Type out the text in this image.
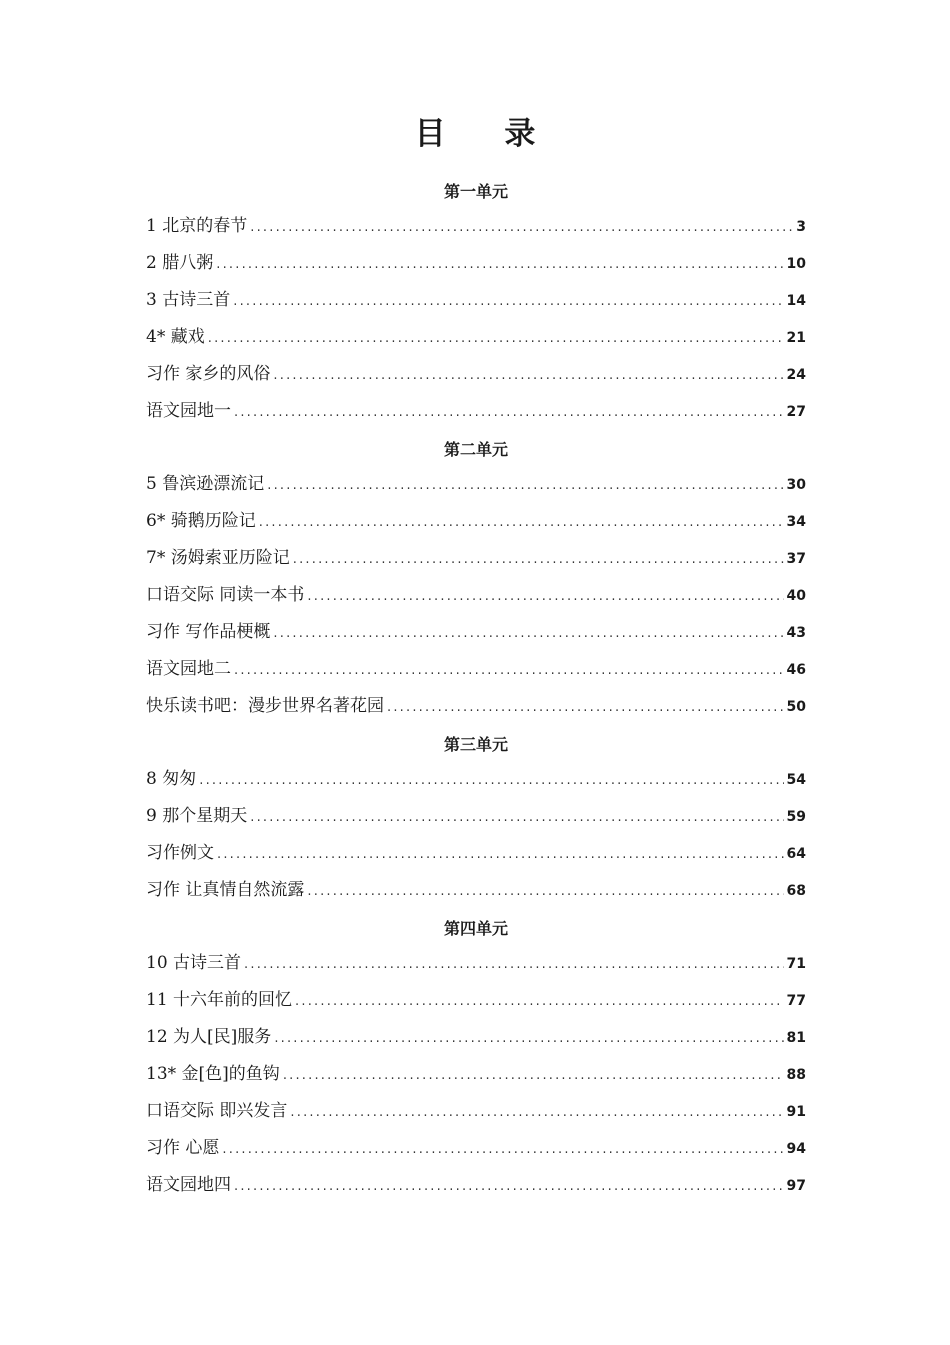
目 录
第一单元
1 北京的春节 .....	3
2 腊八粥 .....	10
3 古诗三首 .....	14
4* 藏戏 .....	21
习作 家乡的风俗 .....	24
语文园地一 .....	27
第二单元
5 鲁滨逊漂流记 .....	30
6* 骑鹅历险记 .....	34
7* 汤姆索亚历险记 .....	37
口语交际 同读一本书 .....	40
习作 写作品梗概 .....	43
语文园地二 .....	46
快乐读书吧：漫步世界名著花园 .....	50
第三单元
8 匆匆 .....	54
9 那个星期天 .....	59
习作例文 .....	64
习作 让真情自然流露 .....	68
第四单元
10 古诗三首 .....	71
11 十六年前的回忆 .....	77
12 为人[民]服务 .....	81
13* 金[色]的鱼钩 .....	88
口语交际 即兴发言 .....	91
习作 心愿 .....	94
语文园地四 .....	97
